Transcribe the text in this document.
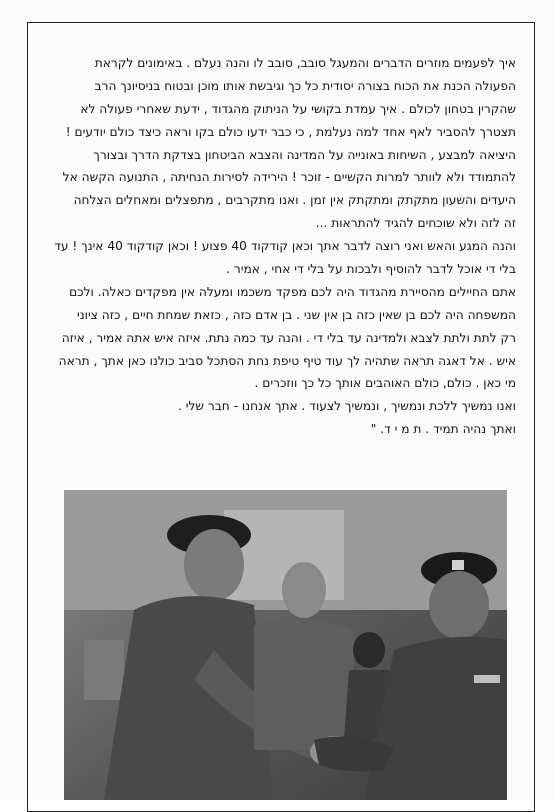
איך לפעמים מוזרים הדברים והמעגל סובב, סובב לו והנה נעלם . באימונים לקראת
הפעולה הכנת את הכוח בצורה יסודית כל כך וגיבשת אותו מוכן ובטוח בניסיונך הרב
שהקרין בטחון לכולם . איך עמדת בקושי על הניתוק מהגדוד , ידעת שאחרי פעולה לא
תצטרך להסביר לאף אחד למה נעלמת , כי כבר ידעו כולם בקו וראה כיצד כולם יודעים !
היציאה למבצע , השיחות באונייה על המדינה והצבא הביטחון בצדקת הדרך ובצורך
להתמודד ולא לוותר למרות הקשיים - זוכר ! הירידה לסירות הנחיתה , התנועה הקשה אל
היעדים והשעון מתקתק ומתקתק אין זמן . ואנו מתקרבים , מתפצלים ומאחלים הצלחה
זה לזה ולא שוכחים להגיד להתראות ...
והנה המגע והאש ואני רוצה לדבר אתך וכאן קודקוד 40 פצוע ! וכאן קודקוד 40 אינך ! עד
בלי די אוכל לדבר להוסיף ולבכות על בלי די אחי , אמיר .
אתם החיילים מהסיירת מהגדוד היה לכם מפקד משכמו ומעלה אין מפקדים כאלה. ולכם
המשפחה היה לכם בן שאין כזה בן אין שני . בן אדם כזה , כזאת שמחת חיים , כזה ציוני
רק לתת ולתת לצבא ולמדינה עד בלי די . והנה עד כמה נתת. איזה איש אתה אמיר , איזה
איש . אל דאגה תראה שתהיה לך עוד טיף טיפת נחת הסתכל סביב כולנו כאן אתך , תראה
מי כאן . כולם, כולם האוהבים אותך כל כך ווזכרים .
ואנו נמשיך ללכת ונמשיך , ונמשיך לצעוד . אתך אנחנו - חבר שלי .
ואתך נהיה תמיד . ת מ י ד. "
